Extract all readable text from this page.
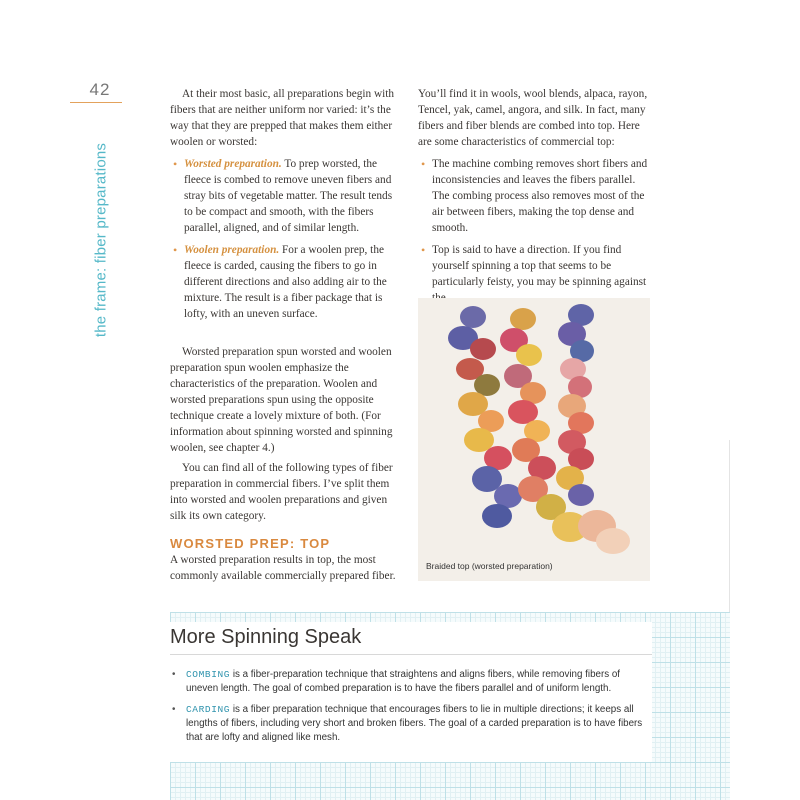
42
the frame: fiber preparations

At their most basic, all preparations begin with fibers that are neither uniform nor varied: it’s the way that they are prepped that makes them either woolen or worsted:

• Worsted preparation. To prep worsted, the fleece is combed to remove uneven fibers and stray bits of vegetable matter. The result tends to be compact and smooth, with the fibers parallel, aligned, and of similar length.
• Woolen preparation. For a woolen prep, the fleece is carded, causing the fibers to go in different directions and also adding air to the mixture. The result is a fiber package that is lofty, with an uneven surface.

Worsted preparation spun worsted and woolen preparation spun woolen emphasize the characteristics of the preparation. Woolen and worsted preparations spun using the opposite technique create a lovely mixture of both. (For information about spinning worsted and spinning woolen, see chapter 4.)

You can find all of the following types of fiber preparation in commercial fibers. I’ve split them into worsted and woolen preparations and given silk its own category.

WORSTED PREP: TOP

A worsted preparation results in top, the most commonly available commercially prepared fiber.

You’ll find it in wools, wool blends, alpaca, rayon, Tencel, yak, camel, angora, and silk. In fact, many fibers and fiber blends are combed into top. Here are some characteristics of commercial top:

• The machine combing removes short fibers and inconsistencies and leaves the fibers parallel. The combing process also removes most of the air between fibers, making the top dense and smooth.
• Top is said to have a direction. If you find yourself spinning a top that seems to be particularly feisty, you may be spinning against
Braided top (worsted preparation)
More Spinning Speak
• COMBING is a fiber-preparation technique that straightens and aligns fibers, while removing fibers of uneven length. The goal of combed preparation is to have the fibers parallel and of uniform length.
• CARDING is a fiber preparation technique that encourages fibers to lie in multiple directions; it keeps all lengths of fibers, including very short and broken fibers. The goal of a carded preparation is to have fibers that are lofty and aligned like mesh.
